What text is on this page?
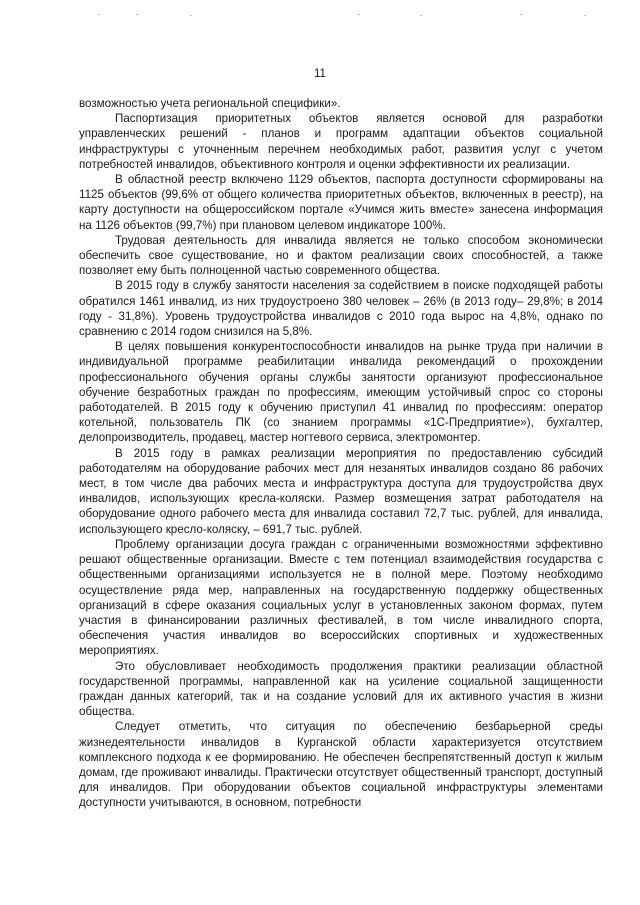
11

возможностью учета региональной специфики».

Паспортизация приоритетных объектов является основой для разработки управленческих решений - планов и программ адаптации объектов социальной инфраструктуры с уточненным перечнем необходимых работ, развития услуг с учетом потребностей инвалидов, объективного контроля и оценки эффективности их реализации.

В областной реестр включено 1129 объектов, паспорта доступности сформированы на 1125 объектов (99,6% от общего количества приоритетных объектов, включенных в реестр), на карту доступности на общероссийском портале «Учимся жить вместе» занесена информация на 1126 объектов (99,7%) при плановом целевом индикаторе 100%.

Трудовая деятельность для инвалида является не только способом экономически обеспечить свое существование, но и фактом реализации своих способностей, а также позволяет ему быть полноценной частью современного общества.

В 2015 году в службу занятости населения за содействием в поиске подходящей работы обратился 1461 инвалид, из них трудоустроено 380 человек – 26% (в 2013 году– 29,8%; в 2014 году - 31,8%). Уровень трудоустройства инвалидов с 2010 года вырос на 4,8%, однако по сравнению с 2014 годом снизился на 5,8%.

В целях повышения конкурентоспособности инвалидов на рынке труда при наличии в индивидуальной программе реабилитации инвалида рекомендаций о прохождении профессионального обучения органы службы занятости организуют профессиональное обучение безработных граждан по профессиям, имеющим устойчивый спрос со стороны работодателей. В 2015 году к обучению приступил 41 инвалид по профессиям: оператор котельной, пользователь ПК (со знанием программы «1С-Предприятие»), бухгалтер, делопроизводитель, продавец, мастер ногтевого сервиса, электромонтер.

В 2015 году в рамках реализации мероприятия по предоставлению субсидий работодателям на оборудование рабочих мест для незанятых инвалидов создано 86 рабочих мест, в том числе два рабочих места и инфраструктура доступа для трудоустройства двух инвалидов, использующих кресла-коляски. Размер возмещения затрат работодателя на оборудование одного рабочего места для инвалида составил 72,7 тыс. рублей, для инвалида, использующего кресло-коляску, – 691,7 тыс. рублей.

Проблему организации досуга граждан с ограниченными возможностями эффективно решают общественные организации. Вместе с тем потенциал взаимодействия государства с общественными организациями используется не в полной мере. Поэтому необходимо осуществление ряда мер, направленных на государственную поддержку общественных организаций в сфере оказания социальных услуг в установленных законом формах, путем участия в финансировании различных фестивалей, в том числе инвалидного спорта, обеспечения участия инвалидов во всероссийских спортивных и художественных мероприятиях.

Это обусловливает необходимость продолжения практики реализации областной государственной программы, направленной как на усиление социальной защищенности граждан данных категорий, так и на создание условий для их активного участия в жизни общества.

Следует отметить, что ситуация по обеспечению безбарьерной среды жизнедеятельности инвалидов в Курганской области характеризуется отсутствием комплексного подхода к ее формированию. Не обеспечен беспрепятственный доступ к жилым домам, где проживают инвалиды. Практически отсутствует общественный транспорт, доступный для инвалидов. При оборудовании объектов социальной инфраструктуры элементами доступности учитываются, в основном, потребности
